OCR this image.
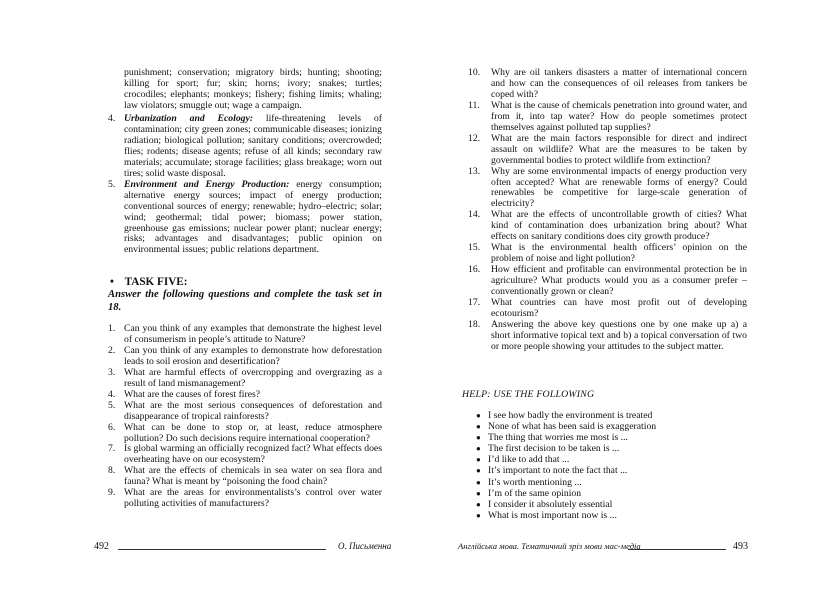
punishment; conservation; migratory birds; hunting; shooting; killing for sport; fur; skin; horns; ivory; snakes; turtles; crocodiles; elephants; monkeys; fishery; fishing limits; whaling; law violators; smuggle out; wage a campaign.
4. Urbanization and Ecology: life-threatening levels of contamination; city green zones; communicable diseases; ionizing radiation; biological pollution; sanitary conditions; overcrowded; flies; rodents; disease agents; refuse of all kinds; secondary raw materials; accumulate; storage facilities; glass breakage; worn out tires; solid waste disposal.
5. Environment and Energy Production: energy consumption; alternative energy sources; impact of energy production; conventional sources of energy; renewable; hydro–electric; solar; wind; geothermal; tidal power; biomass; power station, greenhouse gas emissions; nuclear power plant; nuclear energy; risks; advantages and disadvantages; public opinion on environmental issues; public relations department.
• TASK FIVE:
Answer the following questions and complete the task set in 18.
1. Can you think of any examples that demonstrate the highest level of consumerism in people’s attitude to Nature?
2. Can you think of any examples to demonstrate how deforestation leads to soil erosion and desertification?
3. What are harmful effects of overcropping and overgrazing as a result of land mismanagement?
4. What are the causes of forest fires?
5. What are the most serious consequences of deforestation and disappearance of tropical rainforests?
6. What can be done to stop or, at least, reduce atmosphere pollution? Do such decisions require international cooperation?
7. Is global warming an officially recognized fact? What effects does overheating have on our ecosystem?
8. What are the effects of chemicals in sea water on sea flora and fauna? What is meant by “poisoning the food chain?
9. What are the areas for environmentalists’s control over water polluting activities of manufacturers?
10. Why are oil tankers disasters a matter of international concern and how can the consequences of oil releases from tankers be coped with?
11. What is the cause of chemicals penetration into ground water, and from it, into tap water? How do people sometimes protect themselves against polluted tap supplies?
12. What are the main factors responsible for direct and indirect assault on wildlife? What are the measures to be taken by governmental bodies to protect wildlife from extinction?
13. Why are some environmental impacts of energy production very often accepted? What are renewable forms of energy? Could renewables be competitive for large-scale generation of electricity?
14. What are the effects of uncontrollable growth of cities? What kind of contamination does urbanization bring about? What effects on sanitary conditions does city growth produce?
15. What is the environmental health officers’ opinion on the problem of noise and light pollution?
16. How efficient and profitable can environmental protection be in agriculture? What products would you as a consumer prefer – conventionally grown or clean?
17. What countries can have most profit out of developing ecotourism?
18. Answering the above key questions one by one make up a) a short informative topical text and b) a topical conversation of two or more people showing your attitudes to the subject matter.
HELP: USE THE FOLLOWING
● I see how badly the environment is treated
● None of what has been said is exaggeration
● The thing that worries me most is ...
● The first decision to be taken is ...
● I’d like to add that ...
● It’s important to note the fact that ...
● It’s worth mentioning ...
● I’m of the same opinion
● I consider it absolutely essential
● What is most important now is ...
492	О. Письменна	Англійська мова. Тематичний зріз мови мас-медіа	493
